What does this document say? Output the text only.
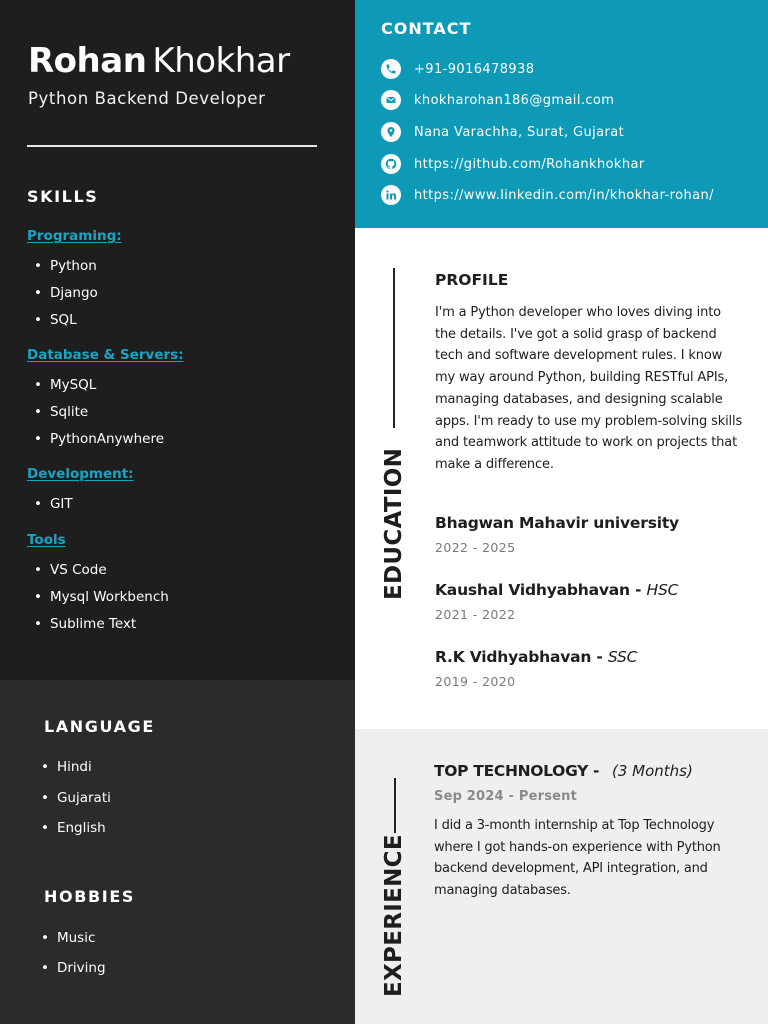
Rohan Khokhar
Python Backend Developer
SKILLS
Programing:
• Python
• Django
• SQL
Database & Servers:
• MySQL
• Sqlite
• PythonAnywhere
Development:
• GIT
Tools
• VS Code
• Mysql Workbench
• Sublime Text
LANGUAGE
• Hindi
• Gujarati
• English
HOBBIES
• Music
• Driving
CONTACT
+91-9016478938
khokharohan186@gmail.com
Nana Varachha, Surat, Gujarat
https://github.com/Rohankhokhar
https://www.linkedin.com/in/khokhar-rohan/
EDUCATION
PROFILE
I'm a Python developer who loves diving into the details. I've got a solid grasp of backend tech and software development rules. I know my way around Python, building RESTful APIs, managing databases, and designing scalable apps. I'm ready to use my problem-solving skills and teamwork attitude to work on projects that make a difference.
Bhagwan Mahavir university
2022 - 2025
Kaushal Vidhyabhavan - HSC
2021 - 2022
R.K Vidhyabhavan - SSC
2019 - 2020
EXPERIENCE
TOP TECHNOLOGY - (3 Months)
Sep 2024 - Persent
I did a 3-month internship at Top Technology where I got hands-on experience with Python backend development, API integration, and managing databases.
